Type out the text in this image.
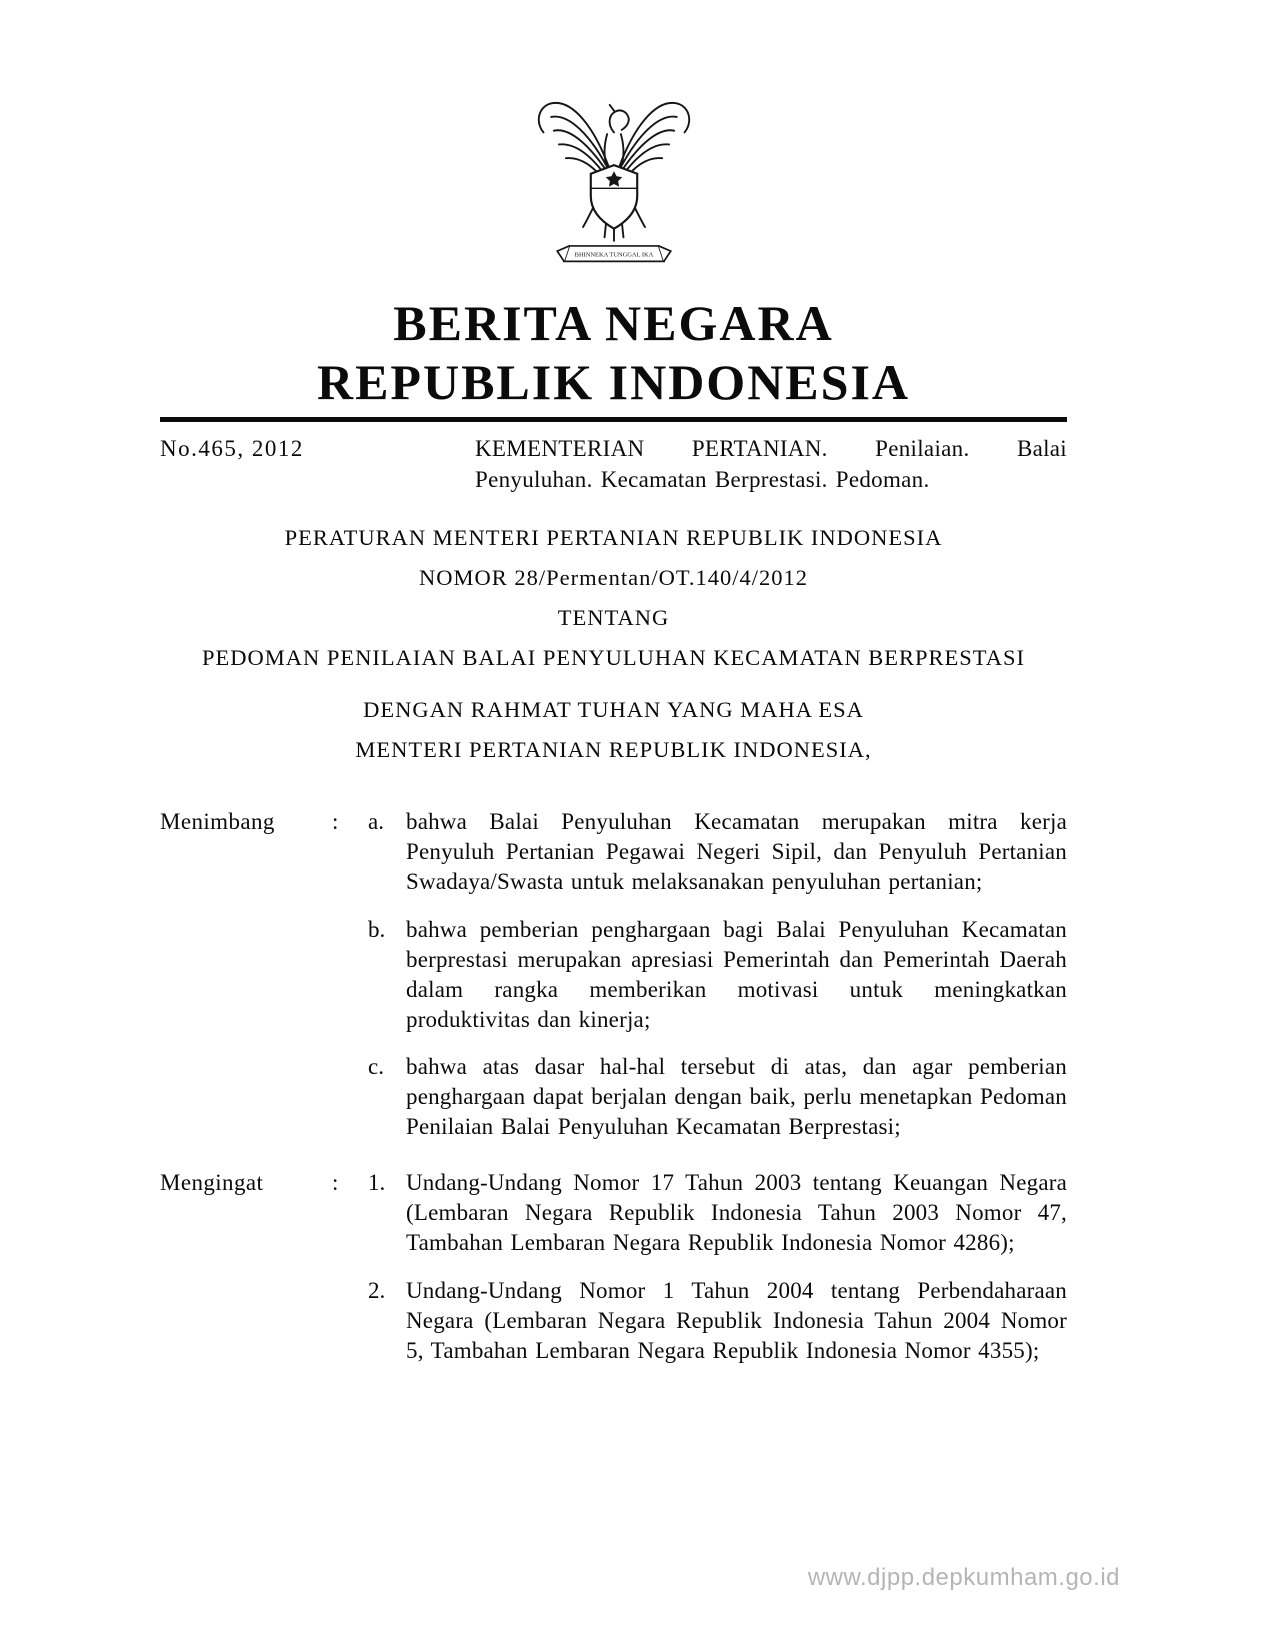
BHINNEKA TUNGGAL IKA
BERITA NEGARA
REPUBLIK INDONESIA
No.465, 2012	KEMENTERIAN PERTANIAN. Penilaian. Balai Penyuluhan. Kecamatan Berprestasi. Pedoman.

PERATURAN MENTERI PERTANIAN REPUBLIK INDONESIA
NOMOR 28/Permentan/OT.140/4/2012
TENTANG
PEDOMAN PENILAIAN BALAI PENYULUHAN KECAMATAN BERPRESTASI
DENGAN RAHMAT TUHAN YANG MAHA ESA
MENTERI PERTANIAN REPUBLIK INDONESIA,
Menimbang	:	a. bahwa Balai Penyuluhan Kecamatan merupakan mitra kerja Penyuluh Pertanian Pegawai Negeri Sipil, dan Penyuluh Pertanian Swadaya/Swasta untuk melaksanakan penyuluhan pertanian;

b. bahwa pemberian penghargaan bagi Balai Penyuluhan Kecamatan berprestasi merupakan apresiasi Pemerintah dan Pemerintah Daerah dalam rangka memberikan motivasi untuk meningkatkan produktivitas dan kinerja;

c. bahwa atas dasar hal-hal tersebut di atas, dan agar pemberian penghargaan dapat berjalan dengan baik, perlu menetapkan Pedoman Penilaian Balai Penyuluhan Kecamatan Berprestasi;

Mengingat	:	1. Undang-Undang Nomor 17 Tahun 2003 tentang Keuangan Negara (Lembaran Negara Republik Indonesia Tahun 2003 Nomor 47, Tambahan Lembaran Negara Republik Indonesia Nomor 4286);

2. Undang-Undang Nomor 1 Tahun 2004 tentang Perbendaharaan Negara (Lembaran Negara Republik Indonesia Tahun 2004 Nomor 5, Tambahan Lembaran Negara Republik Indonesia Nomor 4355);

www.djpp.depkumham.go.id
